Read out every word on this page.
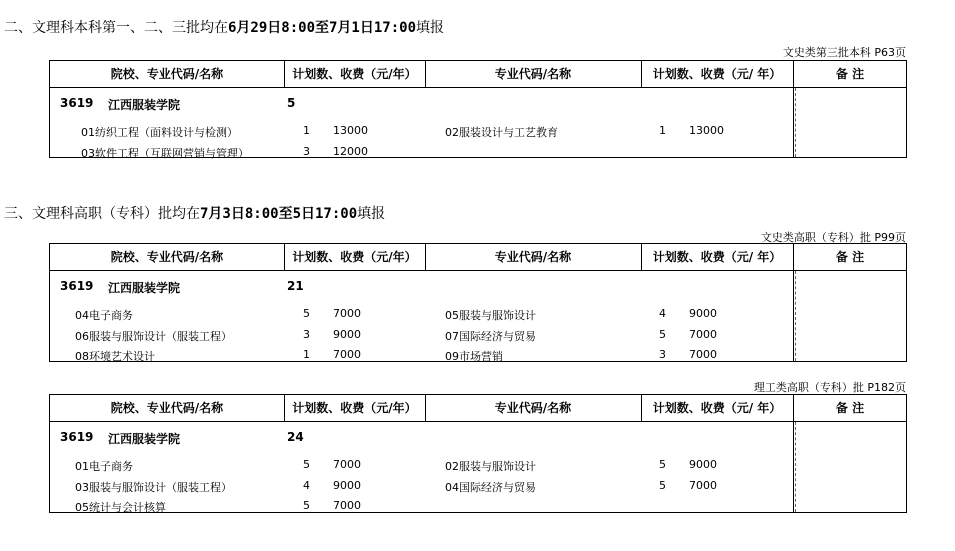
二、文理科本科第一、二、三批均在6月29日8:00至7月1日17:00填报
文史类第三批本科 P63页
院校、专业代码/名称	计划数、收费（元/年）	专业代码/名称	计划数、收费（元/ 年）	备 注
3619 江西服装学院	5
01纺织工程（面料设计与检测）	1 13000	02服装设计与工艺教育	1 13000
03软件工程（互联网营销与管理）	3 12000
三、文理科高职（专科）批均在7月3日8:00至5日17:00填报
文史类高职（专科）批 P99页
院校、专业代码/名称	计划数、收费（元/年）	专业代码/名称	计划数、收费（元/ 年）	备 注
3619 江西服装学院	21
04电子商务	5 7000	05服装与服饰设计	4 9000
06服装与服饰设计（服装工程）	3 9000	07国际经济与贸易	5 7000
08环境艺术设计	1 7000	09市场营销	3 7000
理工类高职（专科）批 P182页
院校、专业代码/名称	计划数、收费（元/年）	专业代码/名称	计划数、收费（元/ 年）	备 注
3619 江西服装学院	24
01电子商务	5 7000	02服装与服饰设计	5 9000
03服装与服饰设计（服装工程）	4 9000	04国际经济与贸易	5 7000
05统计与会计核算	5 7000
